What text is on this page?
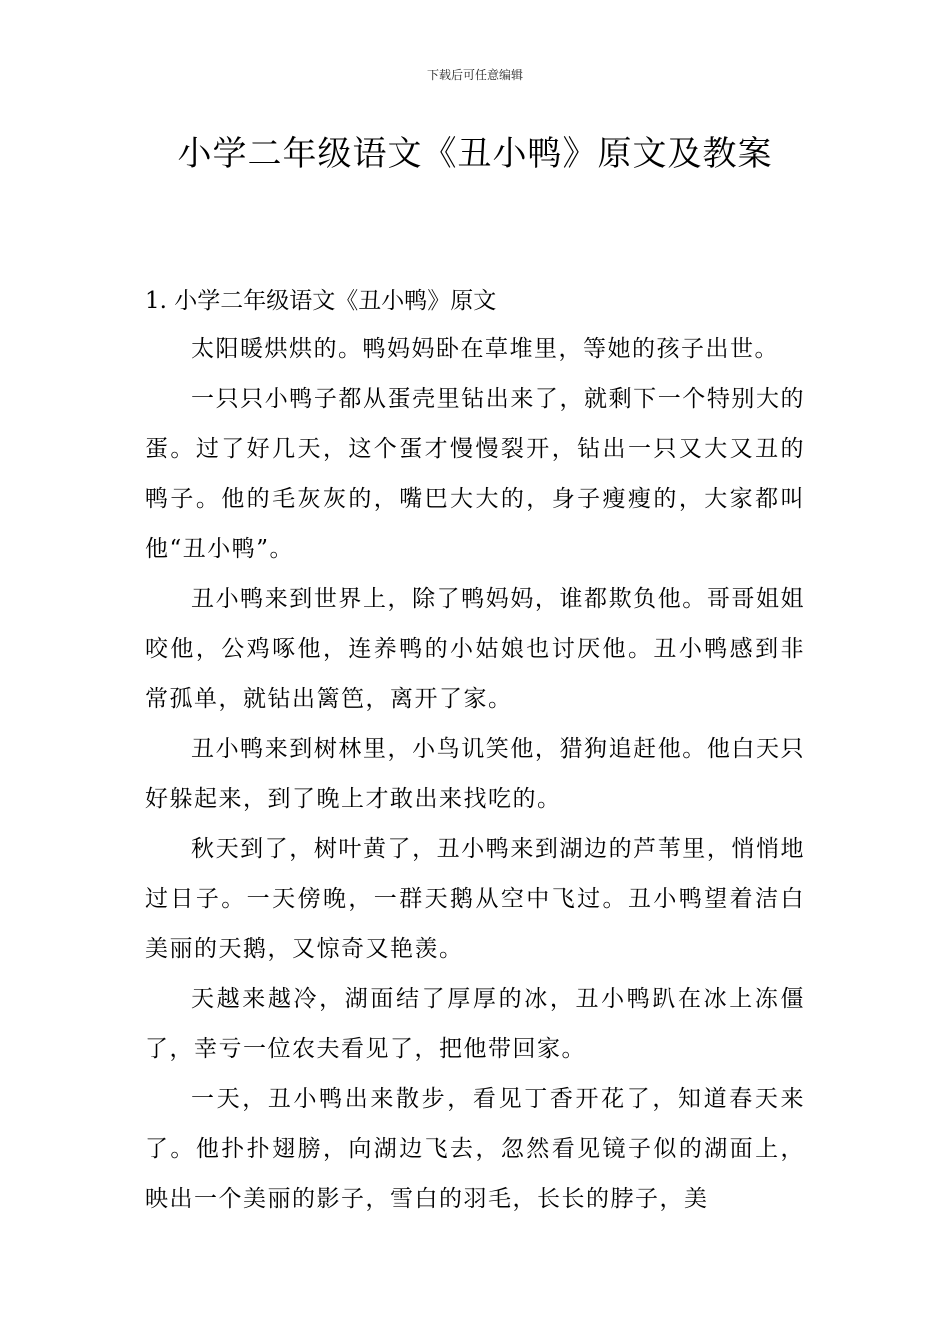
下载后可任意编辑
小学二年级语文《丑小鸭》原文及教案

1. 小学二年级语文《丑小鸭》原文

太阳暖烘烘的。鸭妈妈卧在草堆里，等她的孩子出世。

一只只小鸭子都从蛋壳里钻出来了，就剩下一个特别大的蛋。过了好几天，这个蛋才慢慢裂开，钻出一只又大又丑的鸭子。他的毛灰灰的，嘴巴大大的，身子瘦瘦的，大家都叫他“丑小鸭”。

丑小鸭来到世界上，除了鸭妈妈，谁都欺负他。哥哥姐姐咬他，公鸡啄他，连养鸭的小姑娘也讨厌他。丑小鸭感到非常孤单，就钻出篱笆，离开了家。

丑小鸭来到树林里，小鸟讥笑他，猎狗追赶他。他白天只好躲起来，到了晚上才敢出来找吃的。

秋天到了，树叶黄了，丑小鸭来到湖边的芦苇里，悄悄地过日子。一天傍晚，一群天鹅从空中飞过。丑小鸭望着洁白美丽的天鹅，又惊奇又艳羡。

天越来越冷，湖面结了厚厚的冰，丑小鸭趴在冰上冻僵了，幸亏一位农夫看见了，把他带回家。

一天，丑小鸭出来散步，看见丁香开花了，知道春天来了。他扑扑翅膀，向湖边飞去，忽然看见镜子似的湖面上，映出一个美丽的影子，雪白的羽毛，长长的脖子，美
